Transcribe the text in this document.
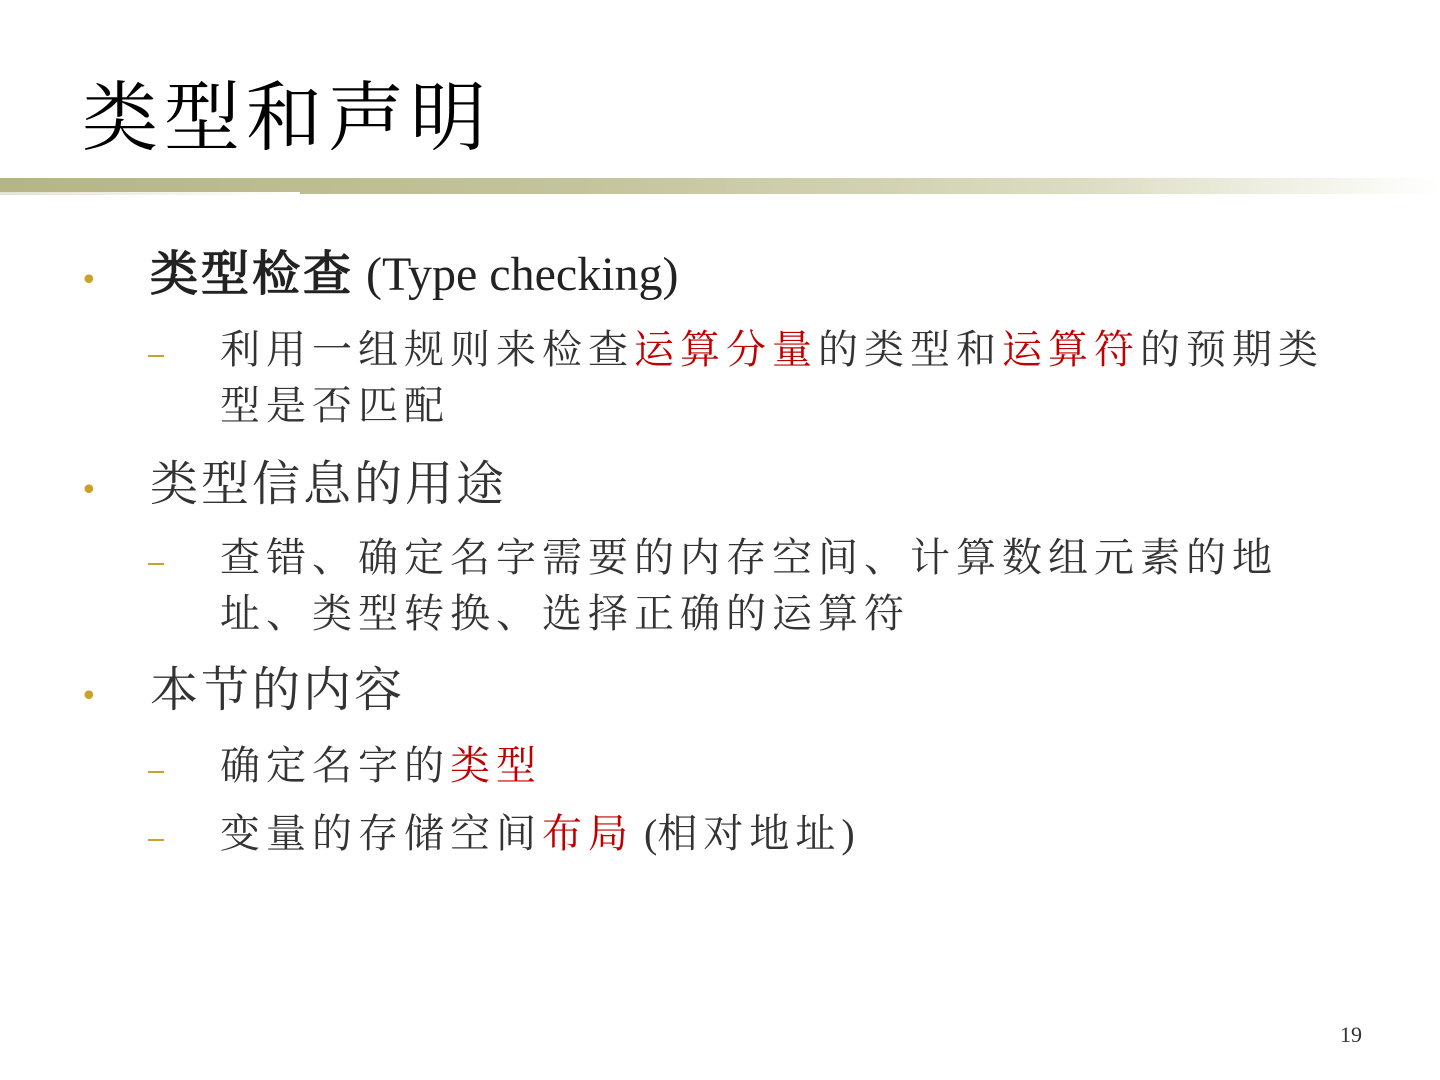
类型和声明
• 类型检查 (Type checking)
利用一组规则来检查运算分量的类型和运算符的预期类型是否匹配
• 类型信息的用途
查错、确定名字需要的内存空间、计算数组元素的地址、类型转换、选择正确的运算符
• 本节的内容
确定名字的类型
变量的存储空间布局 (相对地址)
19
